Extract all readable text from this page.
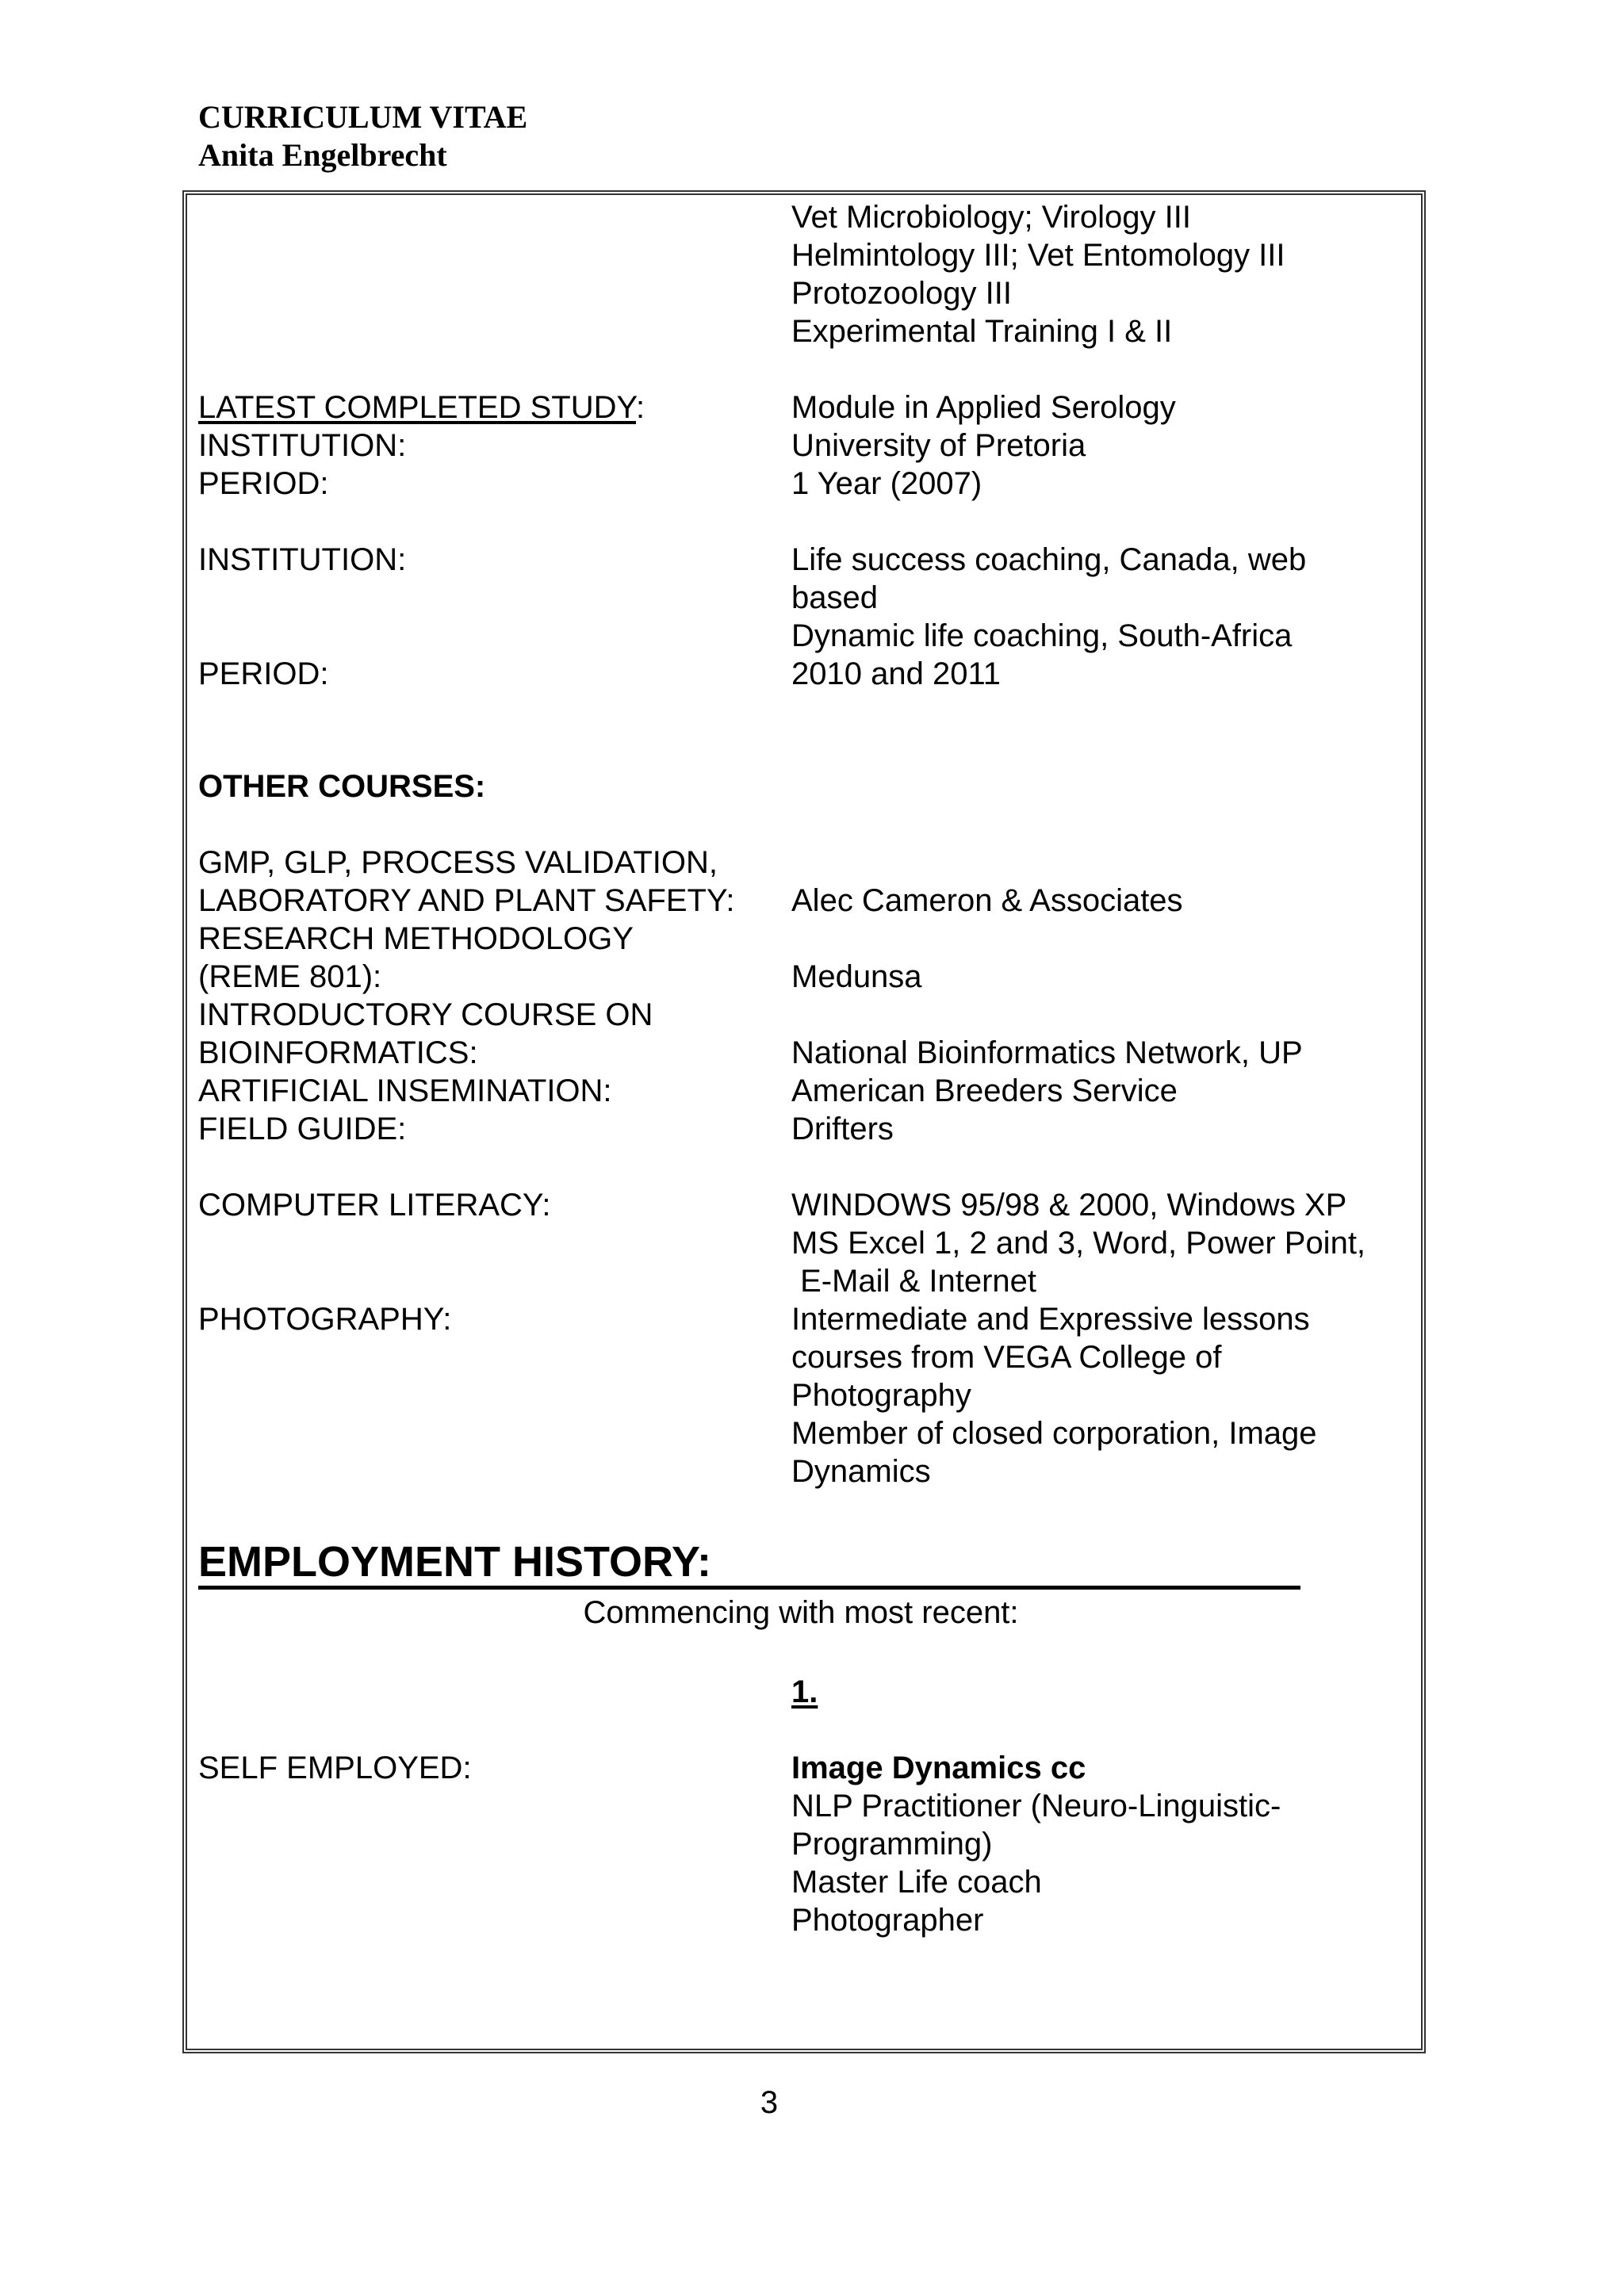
CURRICULUM VITAE
Anita Engelbrecht
Vet Microbiology; Virology III
Helmintology III; Vet Entomology III
Protozoology III
Experimental Training I & II
LATEST COMPLETED STUDY:	Module in Applied Serology
INSTITUTION:	University of Pretoria
PERIOD:	1 Year (2007)
INSTITUTION:	Life success coaching, Canada, web
based
Dynamic life coaching, South-Africa
PERIOD:	2010 and 2011
OTHER COURSES:
GMP, GLP, PROCESS VALIDATION,
LABORATORY AND PLANT SAFETY:	Alec Cameron & Associates
RESEARCH METHODOLOGY
(REME 801):	Medunsa
INTRODUCTORY COURSE ON
BIOINFORMATICS:	National Bioinformatics Network, UP
ARTIFICIAL INSEMINATION:	American Breeders Service
FIELD GUIDE:	Drifters
COMPUTER LITERACY:	WINDOWS 95/98 & 2000, Windows XP
MS Excel 1, 2 and 3, Word, Power Point,
E-Mail & Internet
PHOTOGRAPHY:	Intermediate and Expressive lessons
courses from VEGA College of
Photography
Member of closed corporation, Image
Dynamics
EMPLOYMENT HISTORY:
Commencing with most recent:
1.
SELF EMPLOYED:	Image Dynamics cc
NLP Practitioner (Neuro-Linguistic-
Programming)
Master Life coach
Photographer
3
